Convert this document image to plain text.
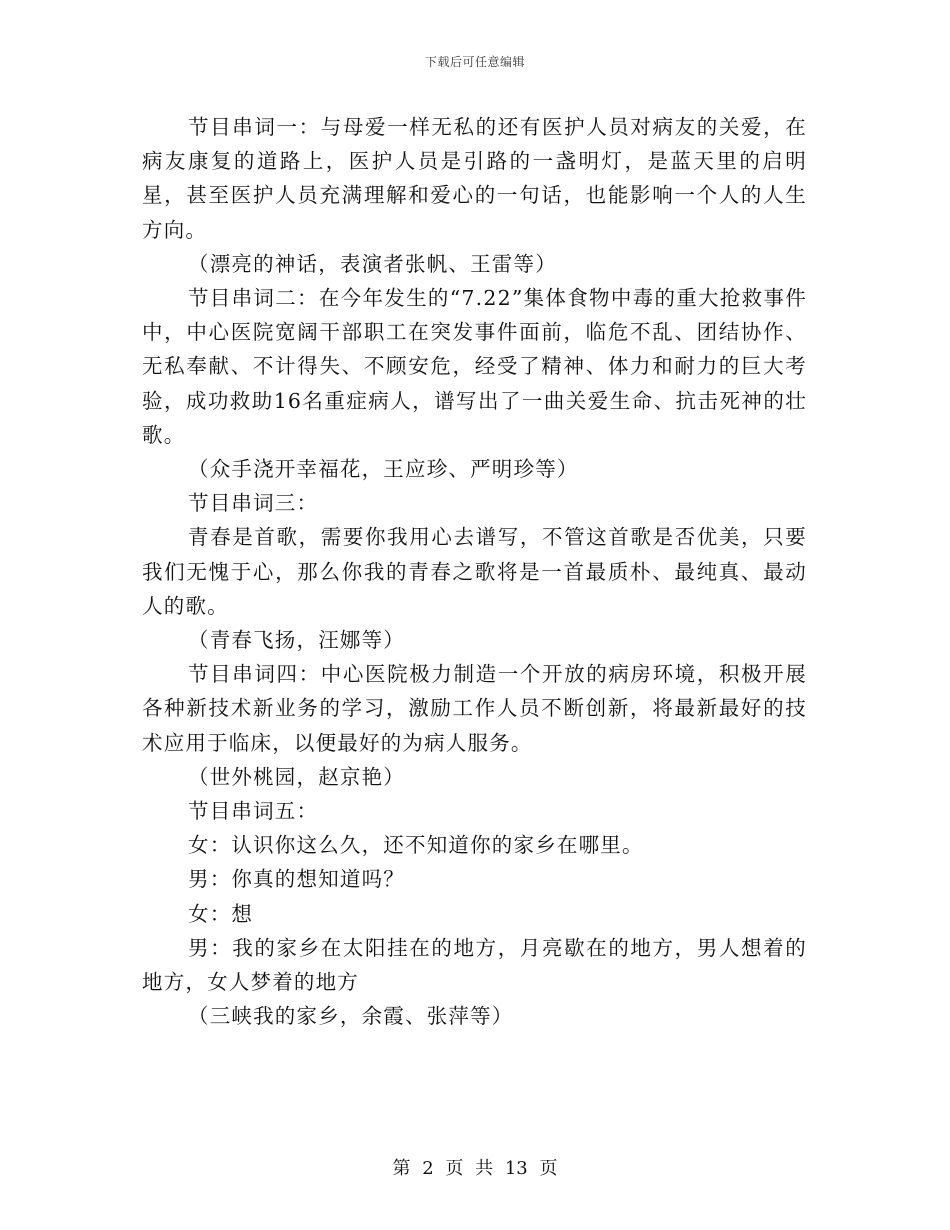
下载后可任意编辑

节目串词一：与母爱一样无私的还有医护人员对病友的关爱，在病友康复的道路上，医护人员是引路的一盏明灯，是蓝天里的启明星，甚至医护人员充满理解和爱心的一句话，也能影响一个人的人生方向。

（漂亮的神话，表演者张帆、王雷等）

节目串词二：在今年发生的“7.22”集体食物中毒的重大抢救事件中，中心医院宽阔干部职工在突发事件面前，临危不乱、团结协作、无私奉献、不计得失、不顾安危，经受了精神、体力和耐力的巨大考验，成功救助16名重症病人，谱写出了一曲关爱生命、抗击死神的壮歌。

（众手浇开幸福花，王应珍、严明珍等）

节目串词三：

青春是首歌，需要你我用心去谱写，不管这首歌是否优美，只要我们无愧于心，那么你我的青春之歌将是一首最质朴、最纯真、最动人的歌。

（青春飞扬，汪娜等）

节目串词四：中心医院极力制造一个开放的病房环境，积极开展各种新技术新业务的学习，激励工作人员不断创新，将最新最好的技术应用于临床，以便最好的为病人服务。

（世外桃园，赵京艳）

节目串词五：

女：认识你这么久，还不知道你的家乡在哪里。

男：你真的想知道吗？

女：想

男：我的家乡在太阳挂在的地方，月亮歇在的地方，男人想着的地方，女人梦着的地方

（三峡我的家乡，余霞、张萍等）

第 2 页 共 13 页
